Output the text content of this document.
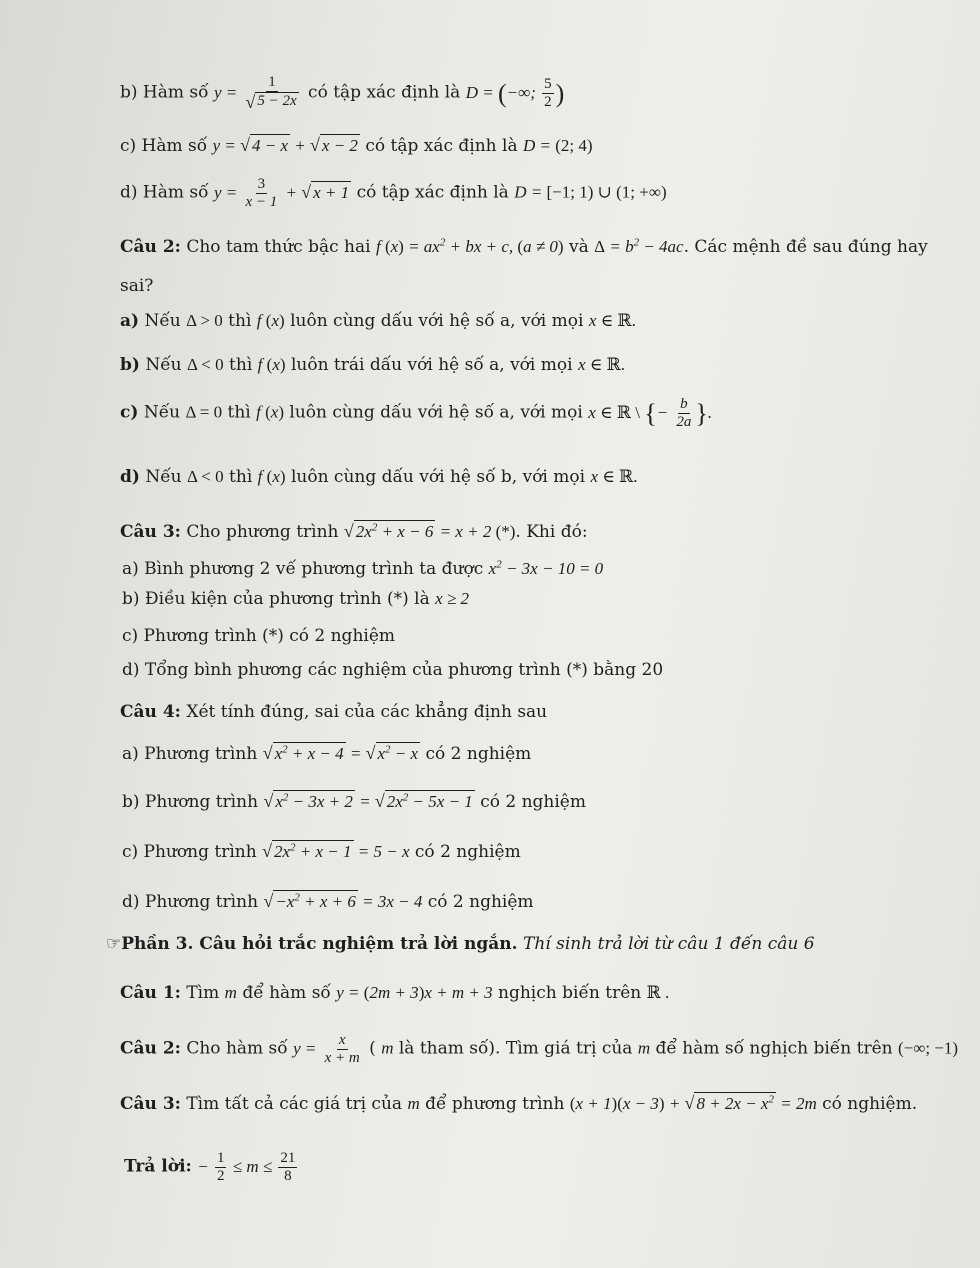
b) Hàm số $y = \frac{1}{√ 5 - 2x}$ có tập xác định là D = (−∞; $\frac{5}{2}$ )
c) Hàm số y = √ 4 − x + √ x − 2 có tập xác định là D = (2; 4)
d) Hàm số $y = \frac{3}{x - 1}$ + √ x + 1 có tập xác định là D = [−1; 1) ∪ (1; +∞)
Câu 2: Cho tam thức bậc hai f $(x) = ax^2$ + bx + c, (a ≠ 0) và $\Delta = b^2 - 4ac$. Các mệnh đề sau đúng hay
sai?
a) Nếu Δ > 0 thì f (x) luôn cùng dấu với hệ số a, với mọi x ∈ ℝ.
b) Nếu Δ < 0 thì f (x) luôn trái dấu với hệ số a, với mọi x ∈ ℝ.
c) Nếu Δ = 0 thì f (x) luôn cùng dấu với hệ số a, với mọi x ∈ ℝ \ {− $\frac{b}{2a}$ }.
d) Nếu Δ < 0 thì f (x) luôn cùng dấu với hệ số b, với mọi x ∈ ℝ.
Câu 3: Cho phương trình √ $2x^2 + x - 6 = x + 2$ (*). Khi đó:
a) Bình phương 2 vế phương trình ta được $x^2 - 3x - 10 = 0$
b) Điều kiện của phương trình (*) là x ≥ 2
c) Phương trình (*) có 2 nghiệm
d) Tổng bình phương các nghiệm của phương trình (*) bằng 20
Câu 4: Xét tính đúng, sai của các khẳng định sau
a) Phương trình √ $x^2 + x - 4$ = √ $x^2 - x$ có 2 nghiệm
b) Phương trình √ $x^2 - 3x + 2$ = √ $2x^2 - 5x - 1$ có 2 nghiệm
c) Phương trình √ $2x^2 + x - 1 = 5 - x$ có 2 nghiệm
d) Phương trình √ $-x^2 + x + 6 = 3x - 4$ có 2 nghiệm
☞Phần 3. Câu hỏi trắc nghiệm trả lời ngắn. Thí sinh trả lời từ câu 1 đến câu 6
Câu 1: Tìm m để hàm số y = (2m + 3)x + m + 3 nghịch biến trên ℝ .
Câu 2: Cho hàm số $y = \frac{x}{x + m}$ ( m là tham số). Tìm giá trị của m để hàm số nghịch biến trên (−∞; −1)
Câu 3: Tìm tất cả các giá trị của m để phương trình (x + 1)(x − 3) + √ $8 + 2x - x^2 = 2m$ có nghiệm.
Trả lời: − $\frac{1}{2} \le m \le \frac{21}{8}$
